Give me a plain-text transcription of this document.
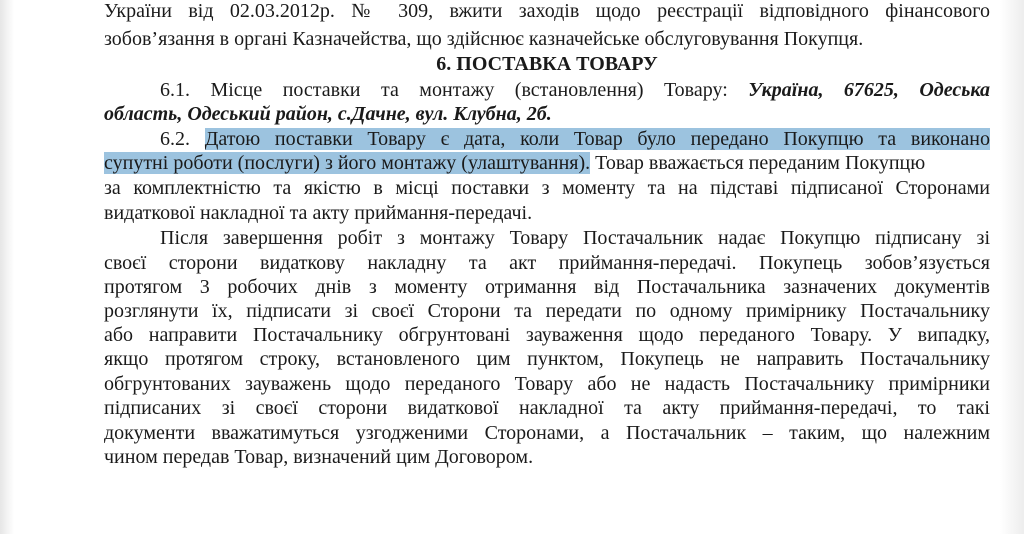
України від 02.03.2012р. № 309, вжити заходів щодо реєстрації відповідного фінансового
зобов’язання в органі Казначейства, що здійснює казначейське обслуговування Покупця.
6. ПОСТАВКА ТОВАРУ
6.1. Місце поставки та монтажу (встановлення) Товару: Україна, 67625, Одеська
область, Одеський район, с.Дачне, вул. Клубна, 2б.
6.2. Датою поставки Товару є дата, коли Товар було передано Покупцю та виконано
супутні роботи (послуги) з його монтажу (улаштування). Товар вважається переданим Покупцю
за комплектністю та якістю в місці поставки з моменту та на підставі підписаної Сторонами
видаткової накладної та акту приймання-передачі.
Після завершення робіт з монтажу Товару Постачальник надає Покупцю підписану зі
своєї сторони видаткову накладну та акт приймання-передачі. Покупець зобов’язується
протягом 3 робочих днів з моменту отримання від Постачальника зазначених документів
розглянути їх, підписати зі своєї Сторони та передати по одному примірнику Постачальнику
або направити Постачальнику обгрунтовані зауваження щодо переданого Товару. У випадку,
якщо протягом строку, встановленого цим пунктом, Покупець не направить Постачальнику
обгрунтованих зауважень щодо переданого Товару або не надасть Постачальнику примірники
підписаних зі своєї сторони видаткової накладної та акту приймання-передачі, то такі
документи вважатимуться узгодженими Сторонами, а Постачальник – таким, що належним
чином передав Товар, визначений цим Договором.
